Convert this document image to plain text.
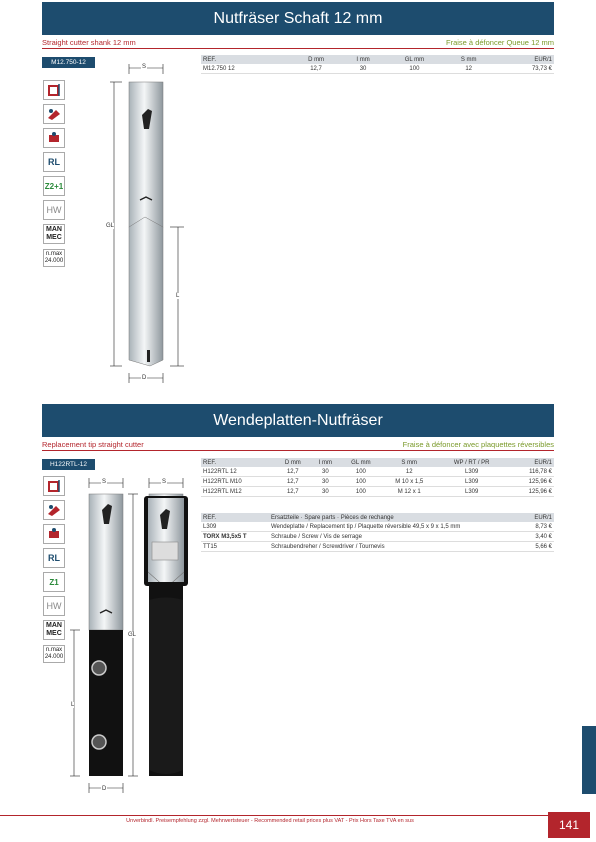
Nutfräser Schaft 12 mm
Straight cutter shank 12 mm	Fraise à défoncer Queue 12 mm
M12.750-12
RL
Z2+1
HW
MAN
MEC
n.max
24.000
S
GL
L
D
REF.	D mm	I mm	GL mm	S mm	EUR/1
M12.750 12	12,7	30	100	12	73,73 €
Wendeplatten-Nutfräser
Replacement tip straight cutter	Fraise à défoncer avec plaquettes réversibles
H122RTL-12
RL
Z1
HW
MAN
MEC
n.max
24.000
S	S
L
GL
D
REF.	D mm	I mm	GL mm	S mm	WP / RT / PR	EUR/1
H122RTL 12	12,7	30	100	12	L309	116,78 €
H122RTL M10	12,7	30	100	M 10 x 1,5	L309	125,96 €
H122RTL M12	12,7	30	100	M 12 x 1	L309	125,96 €
REF.	Ersatzteile · Spare parts · Pièces de rechange	EUR/1
L309	Wendeplatte / Replacement tip / Plaquette réversible 49,5 x 9 x 1,5 mm	8,73 €
TORX M3,5x5 T	Schraube / Screw / Vis de serrage	3,40 €
TT15	Schraubendreher / Screwdriver / Tournevis	5,66 €
Unverbindl. Preisempfehlung zzgl. Mehrwertsteuer - Recommended retail prices plus VAT - Prix Hors Taxe TVA en sus	141
